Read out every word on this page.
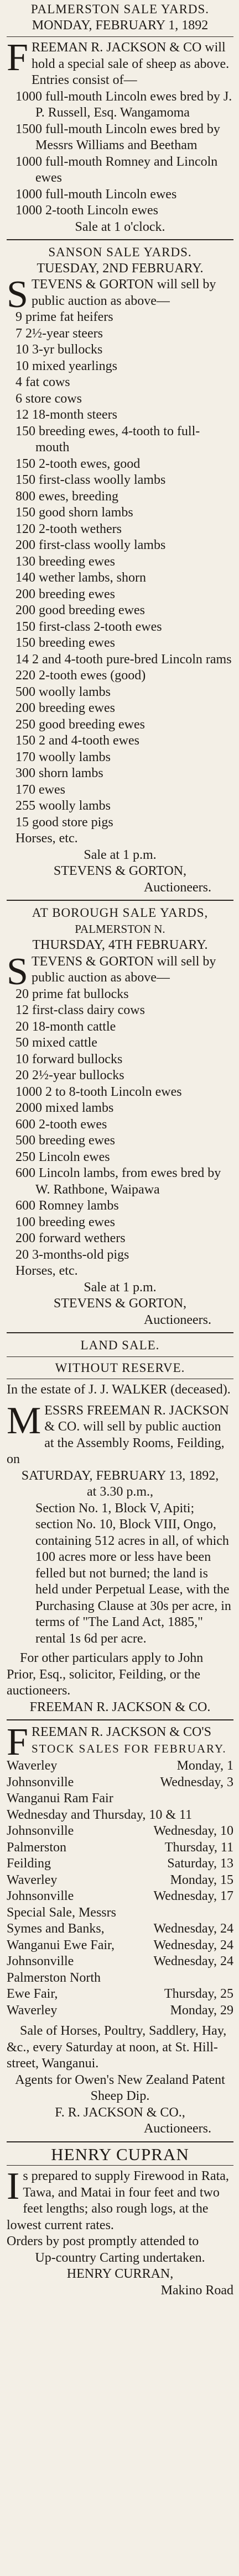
PALMERSTON SALE YARDS.
MONDAY, FEBRUARY 1, 1892
F REEMAN R. JACKSON & CO will hold a special sale of sheep as above. Entries consist of—
1000 full-mouth Lincoln ewes bred by J. P. Russell, Esq. Wangamoma
1500 full-mouth Lincoln ewes bred by Messrs Williams and Beetham
1000 full-mouth Romney and Lincoln ewes
1000 full-mouth Lincoln ewes
1000 2-tooth Lincoln ewes
Sale at 1 o'clock.
SANSON SALE YARDS.
TUESDAY, 2ND FEBRUARY.
S TEVENS & GORTON will sell by public auction as above—
9 prime fat heifers
7 2½-year steers
10 3-yr bullocks
10 mixed yearlings
4 fat cows
6 store cows
12 18-month steers
150 breeding ewes, 4-tooth to full-mouth
150 2-tooth ewes, good
150 first-class woolly lambs
800 ewes, breeding
150 good shorn lambs
120 2-tooth wethers
200 first-class woolly lambs
130 breeding ewes
140 wether lambs, shorn
200 breeding ewes
200 good breeding ewes
150 first-class 2-tooth ewes
150 breeding ewes
14 2 and 4-tooth pure-bred Lincoln rams
220 2-tooth ewes (good)
500 woolly lambs
200 breeding ewes
250 good breeding ewes
150 2 and 4-tooth ewes
170 woolly lambs
300 shorn lambs
170 ewes
255 woolly lambs
15 good store pigs
Horses, etc.
Sale at 1 p.m.
STEVENS & GORTON,
Auctioneers.
AT BOROUGH SALE YARDS,
PALMERSTON N.
THURSDAY, 4TH FEBRUARY.
S TEVENS & GORTON will sell by public auction as above—
20 prime fat bullocks
12 first-class dairy cows
20 18-month cattle
50 mixed cattle
10 forward bullocks
20 2½-year bullocks
1000 2 to 8-tooth Lincoln ewes
2000 mixed lambs
600 2-tooth ewes
500 breeding ewes
250 Lincoln ewes
600 Lincoln lambs, from ewes bred by W. Rathbone, Waipawa
600 Romney lambs
100 breeding ewes
200 forward wethers
20 3-months-old pigs
Horses, etc.
Sale at 1 p.m.
STEVENS & GORTON,
Auctioneers.
LAND SALE.
WITHOUT RESERVE.
In the estate of J. J. WALKER (deceased).
M ESSRS FREEMAN R. JACKSON & CO. will sell by public auction at the Assembly Rooms, Feilding, on
SATURDAY, FEBRUARY 13, 1892,
at 3.30 p.m.,
Section No. 1, Block V, Apiti; section No. 10, Block VIII, Ongo, containing 512 acres in all, of which 100 acres more or less have been felled but not burned; the land is held under Perpetual Lease, with the Purchasing Clause at 30s per acre, in terms of "The Land Act, 1885," rental 1s 6d per acre.
For other particulars apply to John Prior, Esq., solicitor, Feilding, or the auctioneers.
FREEMAN R. JACKSON & CO.
F REEMAN R. JACKSON & CO'S
STOCK SALES FOR FEBRUARY.
Waverley	Monday, 1
Johnsonville	Wednesday, 3
Wanganui Ram Fair
Wednesday and Thursday, 10 & 11
Johnsonville	Wednesday, 10
Palmerston	Thursday, 11
Feilding	Saturday, 13
Waverley	Monday, 15
Johnsonville	Wednesday, 17
Special Sale, Messrs
Symes and Banks,	Wednesday, 24
Wanganui Ewe Fair,	Wednesday, 24
Johnsonville	Wednesday, 24
Palmerston North
Ewe Fair,	Thursday, 25
Waverley	Monday, 29
Sale of Horses, Poultry, Saddlery, Hay, &c., every Saturday at noon, at St. Hill-street, Wanganui.
Agents for Owen's New Zealand Patent Sheep Dip.
F. R. JACKSON & CO.,
Auctioneers.
HENRY CUPRAN
I s prepared to supply Firewood in Rata, Tawa, and Matai in four feet and two feet lengths; also rough logs, at the lowest current rates.
Orders by post promptly attended to
Up-country Carting undertaken.
HENRY CURRAN,
Makino Road
